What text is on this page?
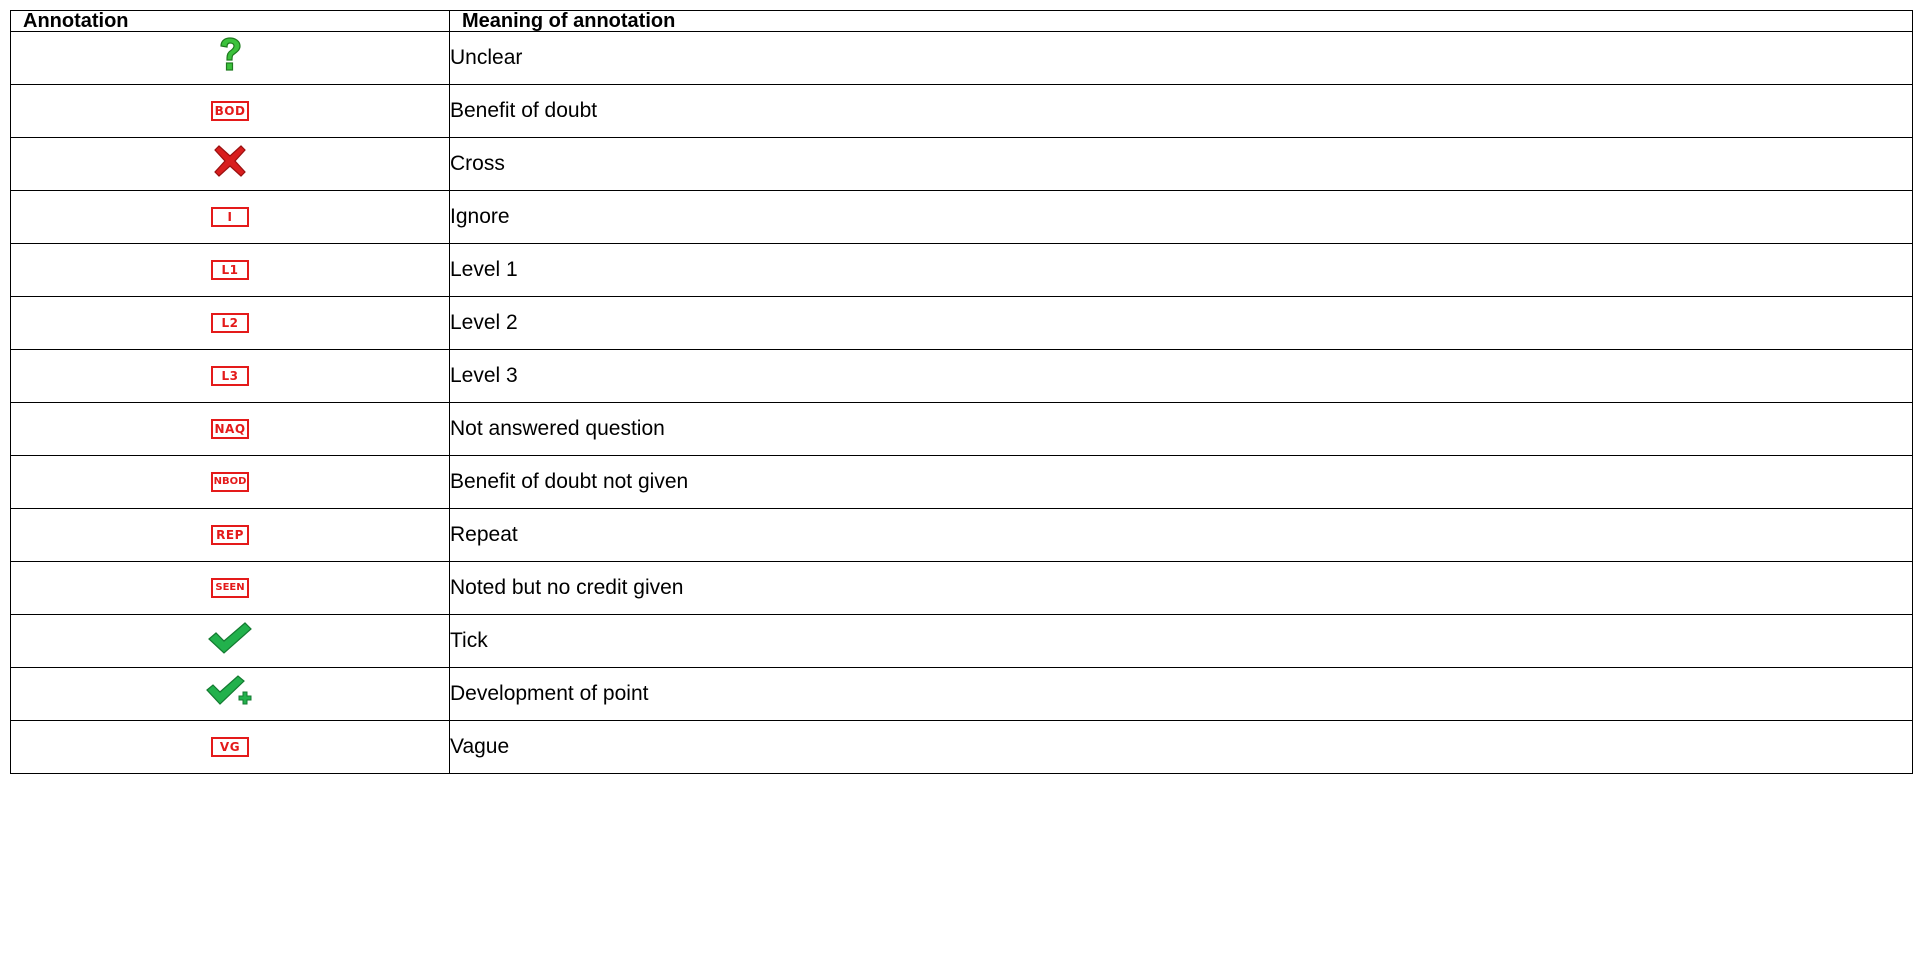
Annotation	Meaning of annotation
	Unclear
BOD	Benefit of doubt
	Cross
I	Ignore
L1	Level 1
L2	Level 2
L3	Level 3
NAQ	Not answered question
NBOD	Benefit of doubt not given
REP	Repeat
SEEN	Noted but no credit given
	Tick
	Development of point
VG	Vague
